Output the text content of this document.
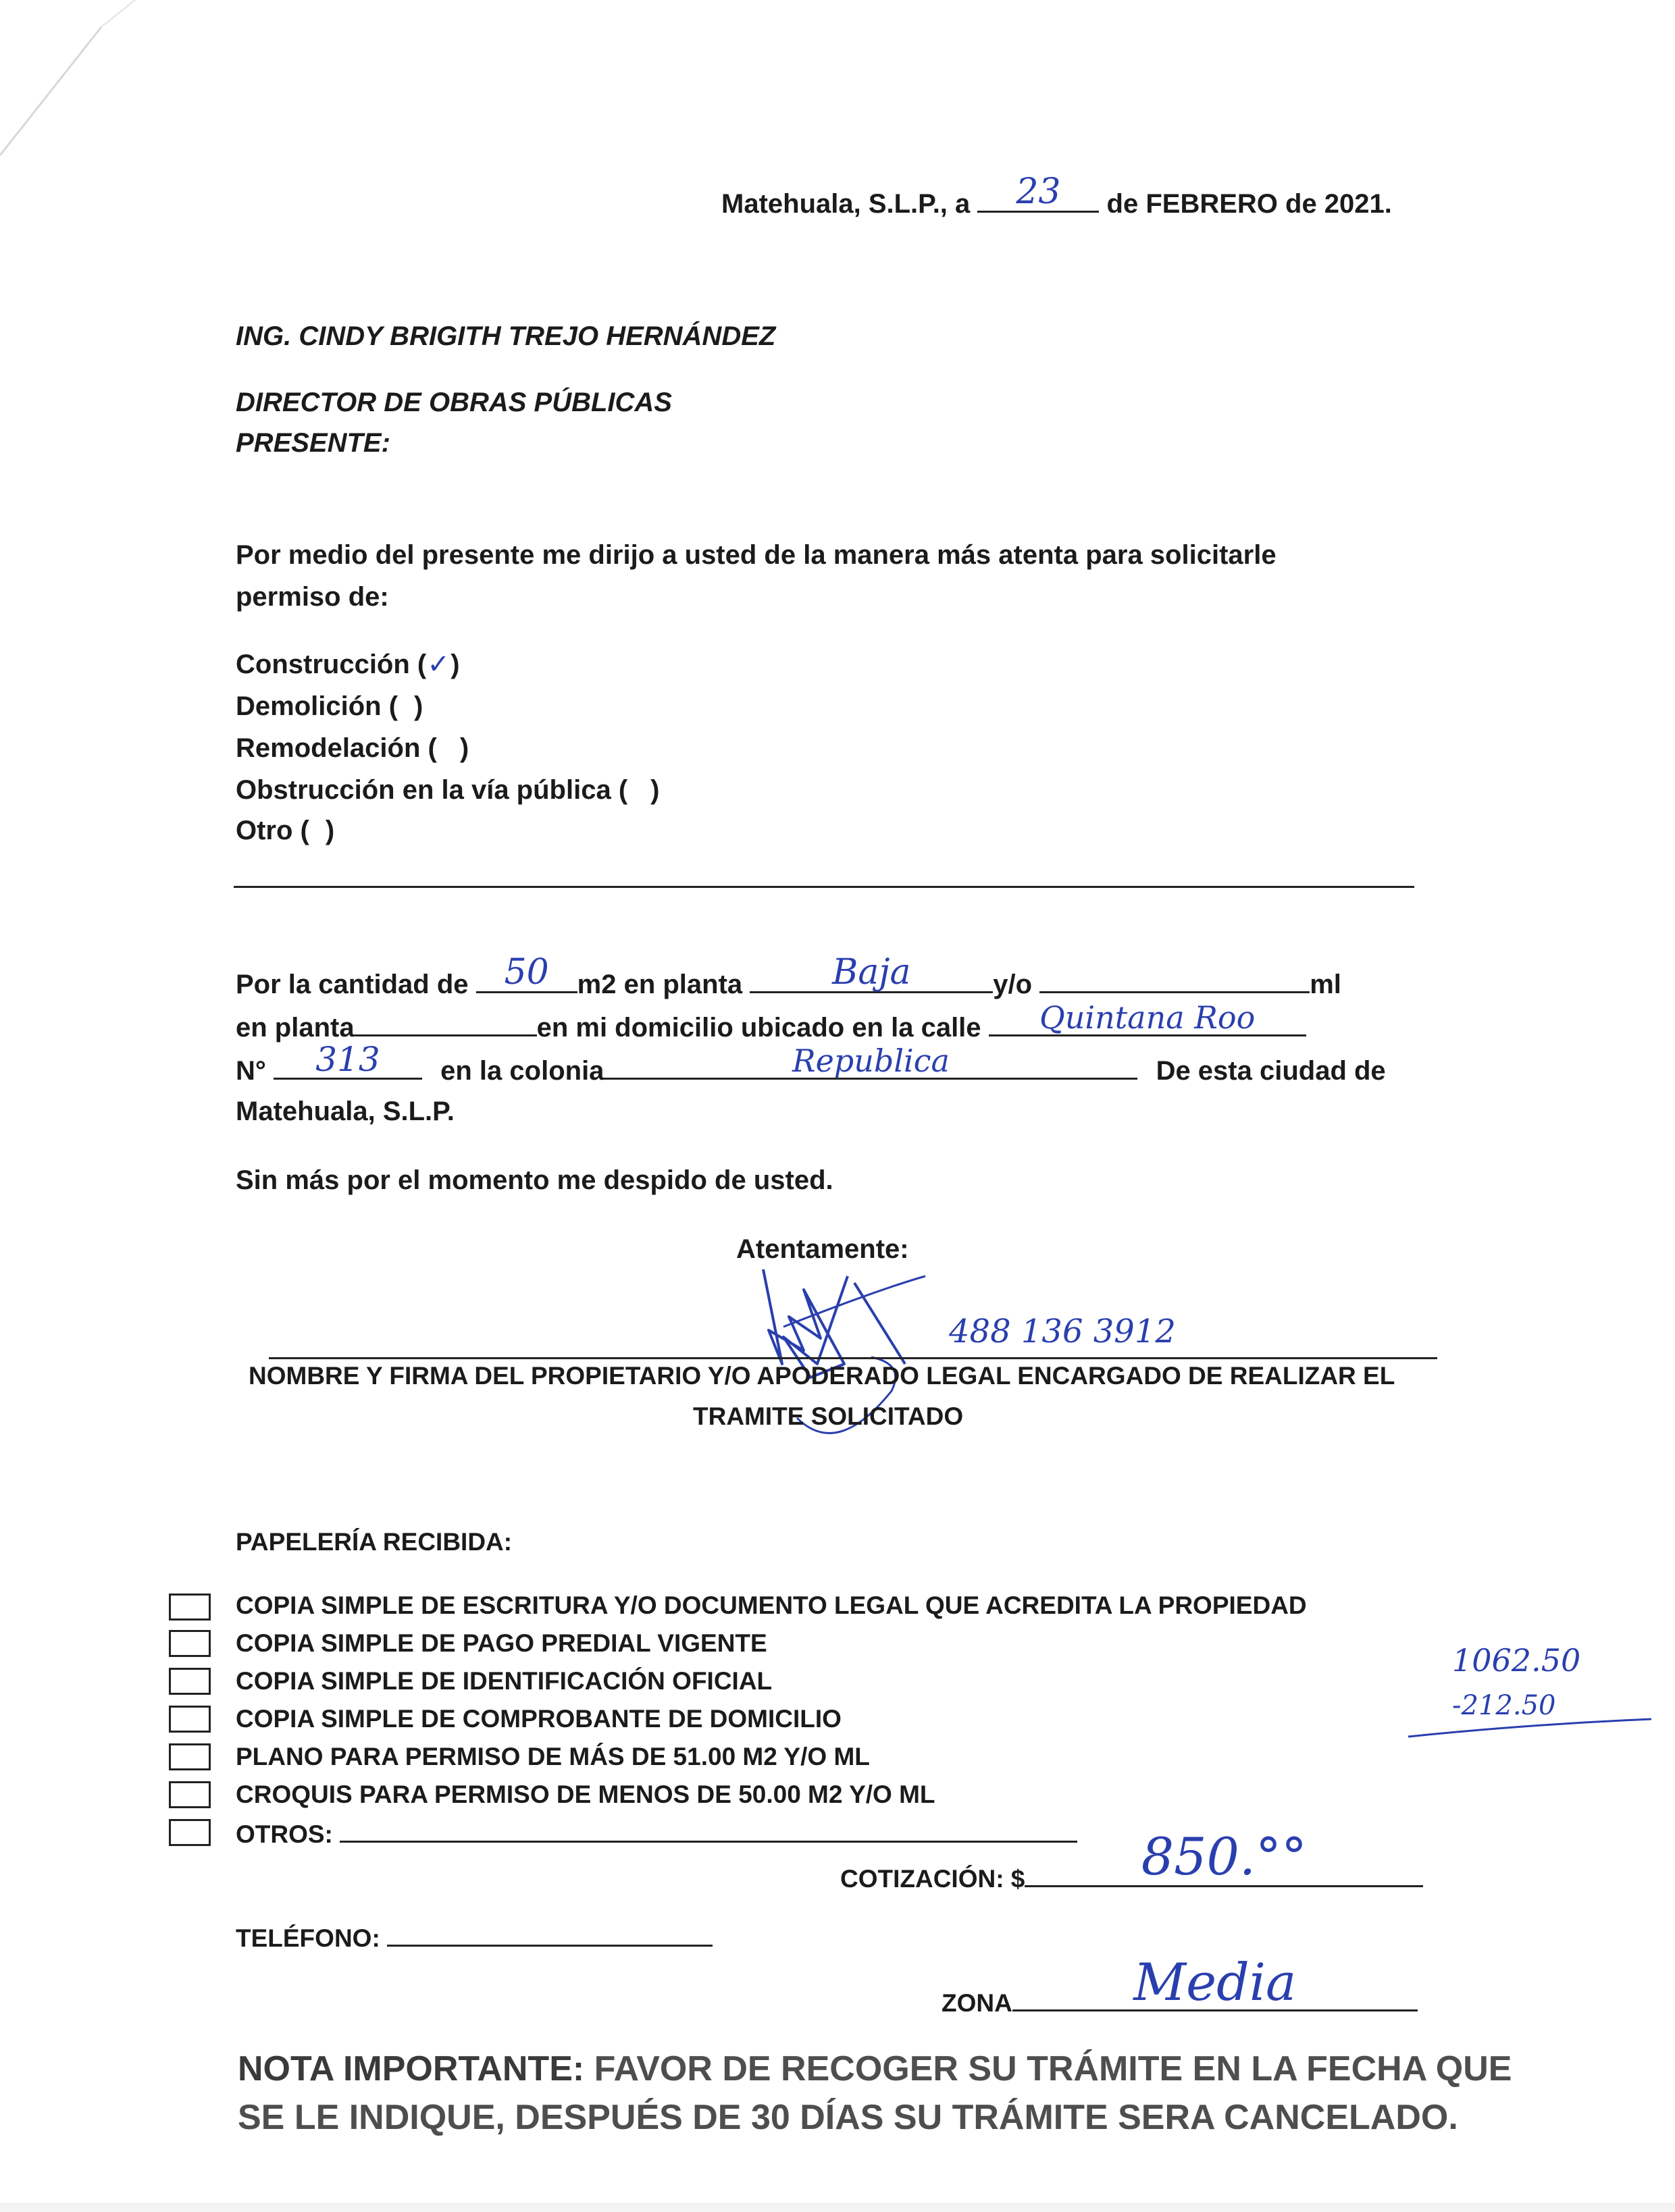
Matehuala, S.L.P., a	23	de FEBRERO de 2021.
ING. CINDY BRIGITH TREJO HERNÁNDEZ
DIRECTOR DE OBRAS PÚBLICAS
PRESENTE:
Por medio del presente me dirijo a usted de la manera más atenta para solicitarle
permiso de:
Construcción (✓)
Demolición ( )
Remodelación ( )
Obstrucción en la vía pública ( )
Otro ( )
Por la cantidad de	50	m2 en planta	Baja	y/o	ml
en planta	en mi domicilio ubicado en la calle	Quintana Roo
N°	313	en la colonia	Republica	De esta ciudad de
Matehuala, S.L.P.
Sin más por el momento me despido de usted.
Atentamente:
488 136 3912
NOMBRE Y FIRMA DEL PROPIETARIO Y/O APODERADO LEGAL ENCARGADO DE REALIZAR EL
TRAMITE SOLICITADO
PAPELERÍA RECIBIDA:
COPIA SIMPLE DE ESCRITURA Y/O DOCUMENTO LEGAL QUE ACREDITA LA PROPIEDAD
COPIA SIMPLE DE PAGO PREDIAL VIGENTE
COPIA SIMPLE DE IDENTIFICACIÓN OFICIAL
COPIA SIMPLE DE COMPROBANTE DE DOMICILIO
PLANO PARA PERMISO DE MÁS DE 51.00 M2 Y/O ML
CROQUIS PARA PERMISO DE MENOS DE 50.00 M2 Y/O ML
OTROS:
1062.50
-212.50
COTIZACIÓN: $	850.°°
TELÉFONO:
ZONA	Media
NOTA IMPORTANTE: FAVOR DE RECOGER SU TRÁMITE EN LA FECHA QUE
SE LE INDIQUE, DESPUÉS DE 30 DÍAS SU TRÁMITE SERA CANCELADO.
